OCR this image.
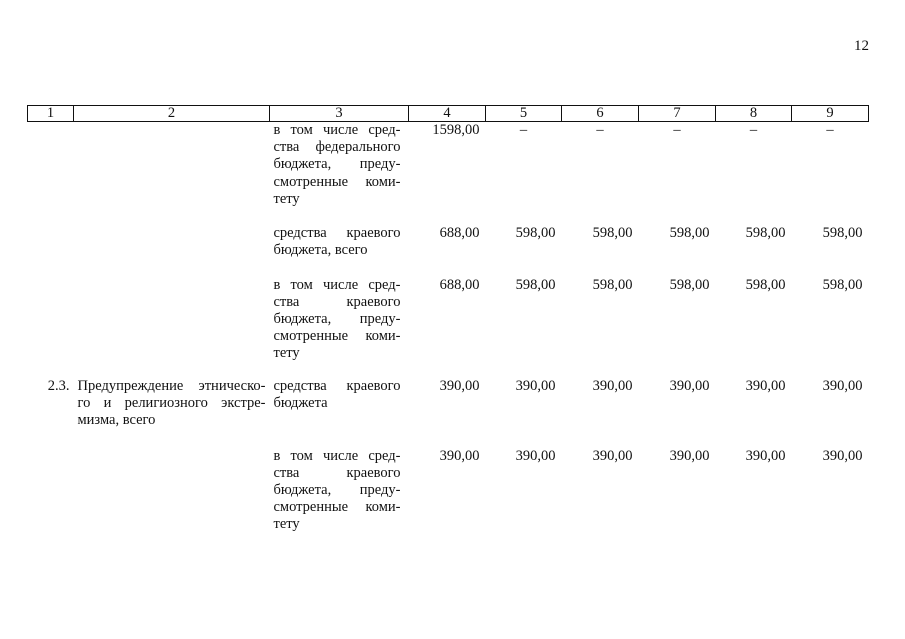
12
1	2	3	4	5	6	7	8	9
		в том числе сред-ства федерального бюджета, преду-смотренные коми-тету	1598,00	–	–	–	–	–
		средства краевого бюджета, всего	688,00	598,00	598,00	598,00	598,00	598,00
		в том числе сред-ства краевого бюджета, преду-смотренные коми-тету	688,00	598,00	598,00	598,00	598,00	598,00
2.3.	Предупреждение этническо-го и религиозного экстре-мизма, всего	средства краевого бюджета	390,00	390,00	390,00	390,00	390,00	390,00
		в том числе сред-ства краевого бюджета, преду-смотренные коми-тету	390,00	390,00	390,00	390,00	390,00	390,00
